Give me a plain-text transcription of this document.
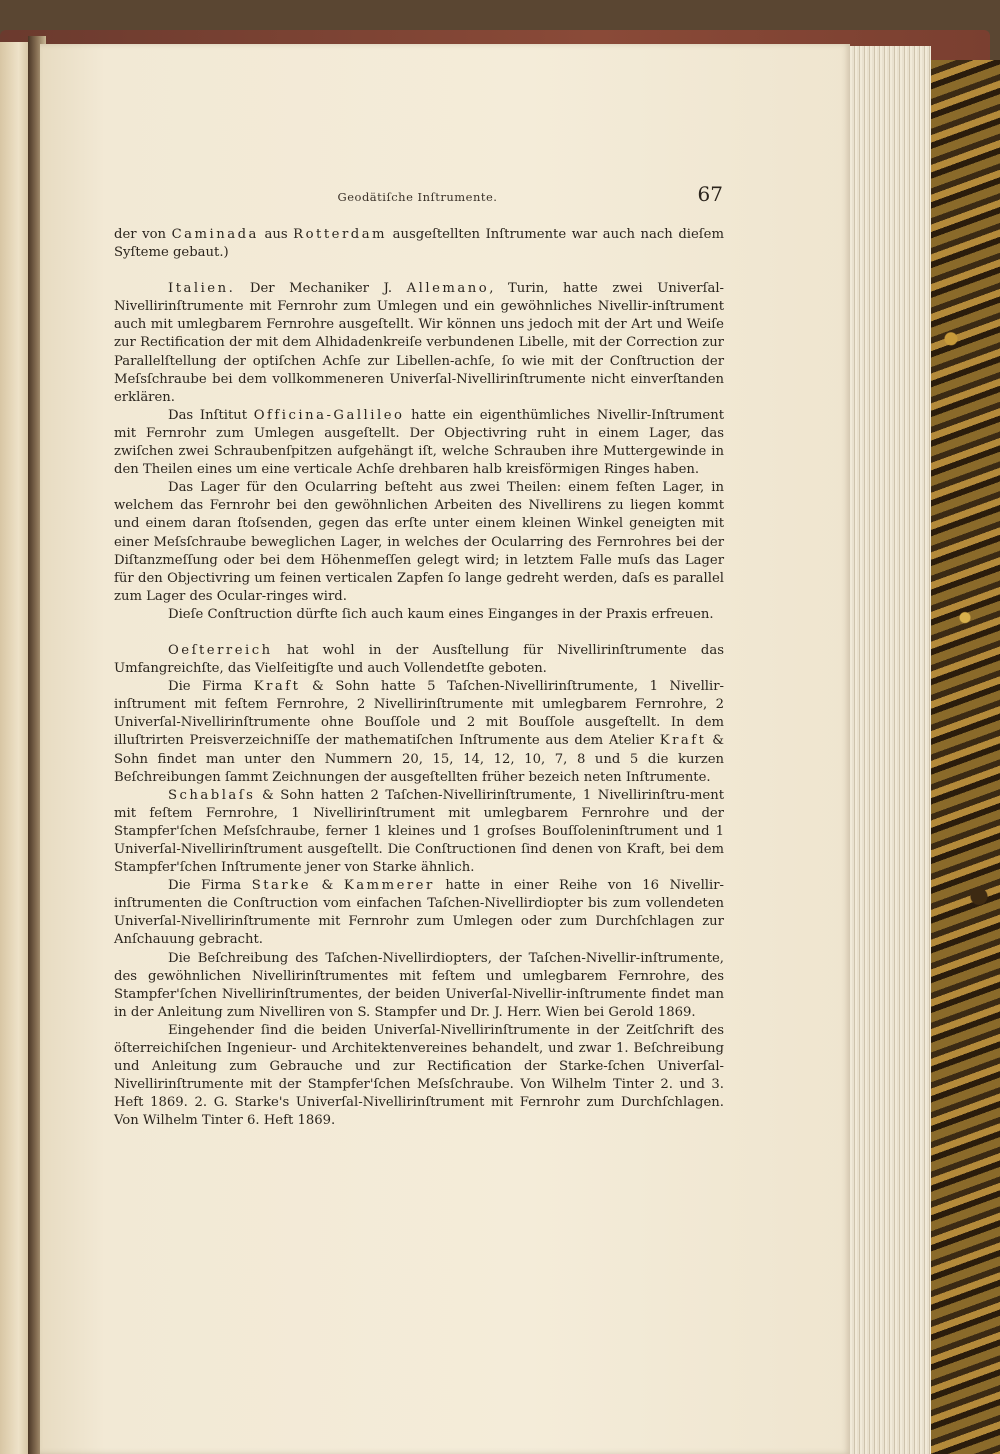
Geodätiſche Inſtrumente.	67

der von Caminada aus Rotterdam ausgeſtellten Inſtrumente war auch nach dieſem Syſteme gebaut.)

Italien. Der Mechaniker J. Allemano, Turin, hatte zwei Univerſal-Nivellirinſtrumente mit Fernrohr zum Umlegen und ein gewöhnliches Nivellir-inſtrument auch mit umlegbarem Fernrohre ausgeſtellt. Wir können uns jedoch mit der Art und Weiſe zur Rectification der mit dem Alhidadenkreiſe verbundenen Libelle, mit der Correction zur Parallelſtellung der optiſchen Achſe zur Libellen-achſe, ſo wie mit der Conſtruction der Meſsſchraube bei dem vollkommeneren Univerſal-Nivellirinſtrumente nicht einverſtanden erklären.

Das Inſtitut Officina-Gallileo hatte ein eigenthümliches Nivellir-Inſtrument mit Fernrohr zum Umlegen ausgeſtellt. Der Objectivring ruht in einem Lager, das zwiſchen zwei Schraubenſpitzen aufgehängt iſt, welche Schrauben ihre Muttergewinde in den Theilen eines um eine verticale Achſe drehbaren halb kreisförmigen Ringes haben.

Das Lager für den Ocularring beſteht aus zwei Theilen: einem feſten Lager, in welchem das Fernrohr bei den gewöhnlichen Arbeiten des Nivellirens zu liegen kommt und einem daran ſtoſsenden, gegen das erſte unter einem kleinen Winkel geneigten mit einer Meſsſchraube beweglichen Lager, in welches der Ocularring des Fernrohres bei der Diſtanzmeſſung oder bei dem Höhenmeſſen gelegt wird; in letztem Falle muſs das Lager für den Objectivring um feinen verticalen Zapfen ſo lange gedreht werden, daſs es parallel zum Lager des Ocular-ringes wird.

Dieſe Conſtruction dürfte ſich auch kaum eines Einganges in der Praxis erfreuen.

Oeſterreich hat wohl in der Ausſtellung für Nivellirinſtrumente das Umfangreichſte, das Vielſeitigſte und auch Vollendetſte geboten.

Die Firma Kraft & Sohn hatte 5 Taſchen-Nivellirinſtrumente, 1 Nivellir-inſtrument mit feſtem Fernrohre, 2 Nivellirinſtrumente mit umlegbarem Fernrohre, 2 Univerſal-Nivellirinſtrumente ohne Bouſſole und 2 mit Bouſſole ausgeſtellt. In dem illuſtrirten Preisverzeichniſſe der mathematiſchen Inſtrumente aus dem Atelier Kraft & Sohn findet man unter den Nummern 20, 15, 14, 12, 10, 7, 8 und 5 die kurzen Beſchreibungen ſammt Zeichnungen der ausgeſtellten früher bezeich neten Inſtrumente.

Schablaſs & Sohn hatten 2 Taſchen-Nivellirinſtrumente, 1 Nivellirinſtru-ment mit feſtem Fernrohre, 1 Nivellirinſtrument mit umlegbarem Fernrohre und der Stampfer'ſchen Meſsſchraube, ferner 1 kleines und 1 groſses Bouſſoleninſtrument und 1 Univerſal-Nivellirinſtrument ausgeſtellt. Die Conſtructionen ſind denen von Kraft, bei dem Stampfer'ſchen Inſtrumente jener von Starke ähnlich.

Die Firma Starke & Kammerer hatte in einer Reihe von 16 Nivellir-inſtrumenten die Conſtruction vom einfachen Taſchen-Nivellirdiopter bis zum vollendeten Univerſal-Nivellirinſtrumente mit Fernrohr zum Umlegen oder zum Durchſchlagen zur Anſchauung gebracht.

Die Beſchreibung des Taſchen-Nivellirdiopters, der Taſchen-Nivellir-inſtrumente, des gewöhnlichen Nivellirinſtrumentes mit feſtem und umlegbarem Fernrohre, des Stampfer'ſchen Nivellirinſtrumentes, der beiden Univerſal-Nivellir-inſtrumente findet man in der Anleitung zum Nivelliren von S. Stampfer und Dr. J. Herr. Wien bei Gerold 1869.

Eingehender ſind die beiden Univerſal-Nivellirinſtrumente in der Zeitſchrift des öſterreichiſchen Ingenieur- und Architektenvereines behandelt, und zwar 1. Beſchreibung und Anleitung zum Gebrauche und zur Rectification der Starke-ſchen Univerſal-Nivellirinſtrumente mit der Stampfer'ſchen Meſsſchraube. Von Wilhelm Tinter 2. und 3. Heft 1869. 2. G. Starke's Univerſal-Nivellirinſtrument mit Fernrohr zum Durchſchlagen. Von Wilhelm Tinter 6. Heft 1869.
